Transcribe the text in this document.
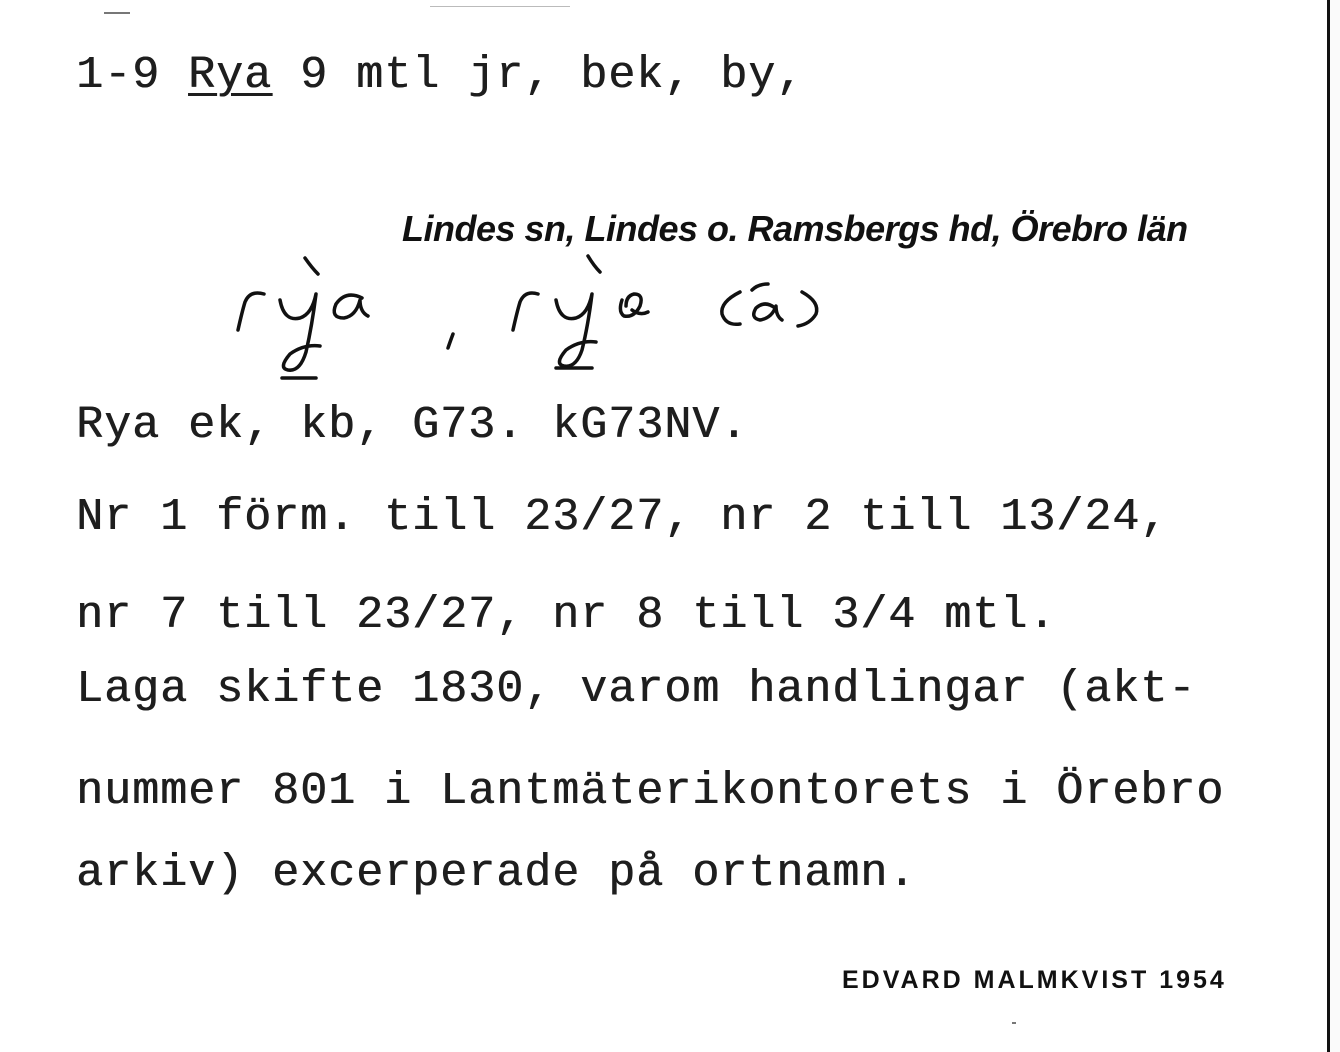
1-9 Rya 9 mtl jr, bek, by,
Lindes sn, Lindes o. Ramsbergs hd, Örebro län
Rya ek, kb, G73. kG73NV.
Nr 1 förm. till 23/27, nr 2 till 13/24,
nr 7 till 23/27, nr 8 till 3/4 mtl.
Laga skifte 1830, varom handlingar (akt-
nummer 801 i Lantmäterikontorets i Örebro
arkiv) excerperade på ortnamn.
EDVARD MALMKVIST 1954
